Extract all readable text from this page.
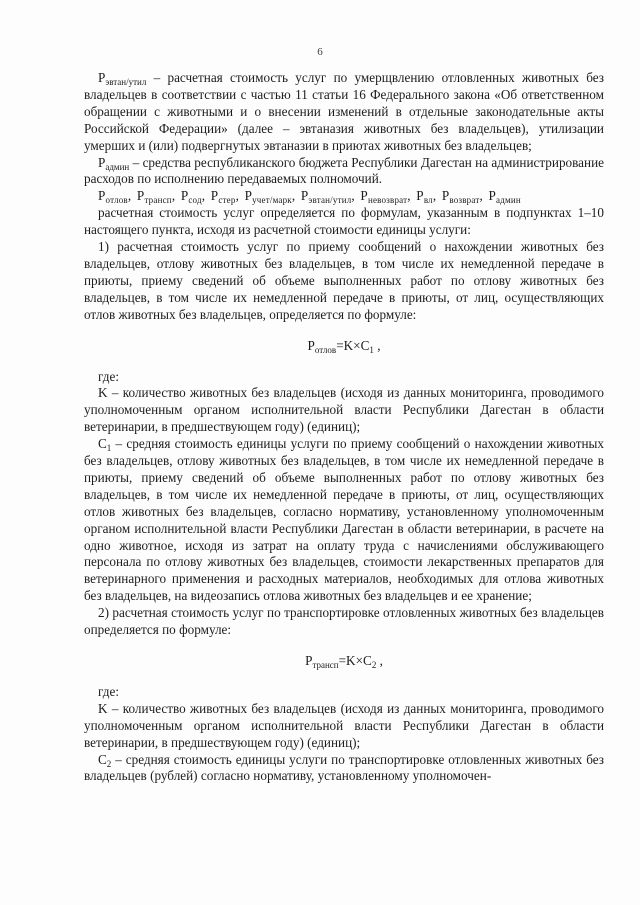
6

$P_{эвтан/утил}$ – расчетная стоимость услуг по умерщвлению отловленных животных без владельцев в соответствии с частью 11 статьи 16 Федерального закона «Об ответственном обращении с животными и о внесении изменений в отдельные законодательные акты Российской Федерации» (далее – эвтаназия животных без владельцев), утилизации умерших и (или) подвергнутых эвтаназии в приютах животных без владельцев;

$P_{админ}$ – средства республиканского бюджета Республики Дагестан на администрирование расходов по исполнению передаваемых полномочий.

$P_{отлов}$, $P_{трансп}$, $P_{сод}$, $P_{стер}$, $P_{учет/марк}$, $P_{эвтан/утил}$, $P_{невозврат}$, $P_{вл}$, $P_{возврат}$, $P_{админ}$

расчетная стоимость услуг определяется по формулам, указанным в подпунктах 1–10 настоящего пункта, исходя из расчетной стоимости единицы услуги:

1) расчетная стоимость услуг по приему сообщений о нахождении животных без владельцев, отлову животных без владельцев, в том числе их немедленной передаче в приюты, приему сведений об объеме выполненных работ по отлову животных без владельцев, в том числе их немедленной передаче в приюты, от лиц, осуществляющих отлов животных без владельцев, определяется по формуле:

$P_{отлов}=K\times C_1$ ,

где:

K – количество животных без владельцев (исходя из данных мониторинга, проводимого уполномоченным органом исполнительной власти Республики Дагестан в области ветеринарии, в предшествующем году) (единиц);

$C_1$ – средняя стоимость единицы услуги по приему сообщений о нахождении животных без владельцев, отлову животных без владельцев, в том числе их немедленной передаче в приюты, приему сведений об объеме выполненных работ по отлову животных без владельцев, в том числе их немедленной передаче в приюты, от лиц, осуществляющих отлов животных без владельцев, согласно нормативу, установленному уполномоченным органом исполнительной власти Республики Дагестан в области ветеринарии, в расчете на одно животное, исходя из затрат на оплату труда с начислениями обслуживающего персонала по отлову животных без владельцев, стоимости лекарственных препаратов для ветеринарного применения и расходных материалов, необходимых для отлова животных без владельцев, на видеозапись отлова животных без владельцев и ее хранение;

2) расчетная стоимость услуг по транспортировке отловленных животных без владельцев определяется по формуле:

$P_{трансп}=K\times C_2$ ,

где:

K – количество животных без владельцев (исходя из данных мониторинга, проводимого уполномоченным органом исполнительной власти Республики Дагестан в области ветеринарии, в предшествующем году) (единиц);

$C_2$ – средняя стоимость единицы услуги по транспортировке отловленных животных без владельцев (рублей) согласно нормативу, установленному уполномочен-
